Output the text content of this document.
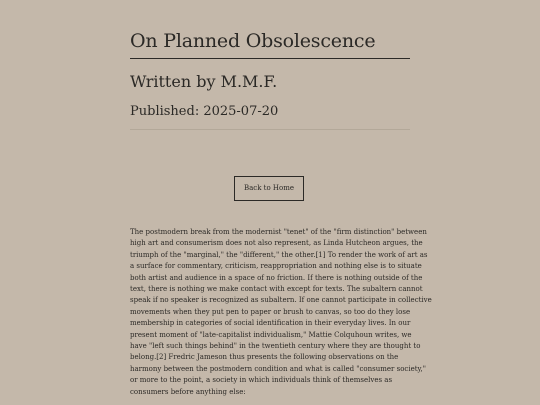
On Planned Obsolescence
Written by M.M.F.
Published: 2025-07-20
Back to Home

The postmodern break from the modernist "tenet" of the "firm distinction" between
high art and consumerism does not also represent, as Linda Hutcheon argues, the
triumph of the "marginal," the "different," the other.[1] To render the work of art as
a surface for commentary, criticism, reappropriation and nothing else is to situate
both artist and audience in a space of no friction. If there is nothing outside of the
text, there is nothing we make contact with except for texts. The subaltern cannot
speak if no speaker is recognized as subaltern. If one cannot participate in collective
movements when they put pen to paper or brush to canvas, so too do they lose
membership in categories of social identification in their everyday lives. In our
present moment of "late-capitalist individualism," Mattie Colquhoun writes, we
have "left such things behind" in the twentieth century where they are thought to
belong.[2] Fredric Jameson thus presents the following observations on the
harmony between the postmodern condition and what is called "consumer society,"
or more to the point, a society in which individuals think of themselves as
consumers before anything else:
